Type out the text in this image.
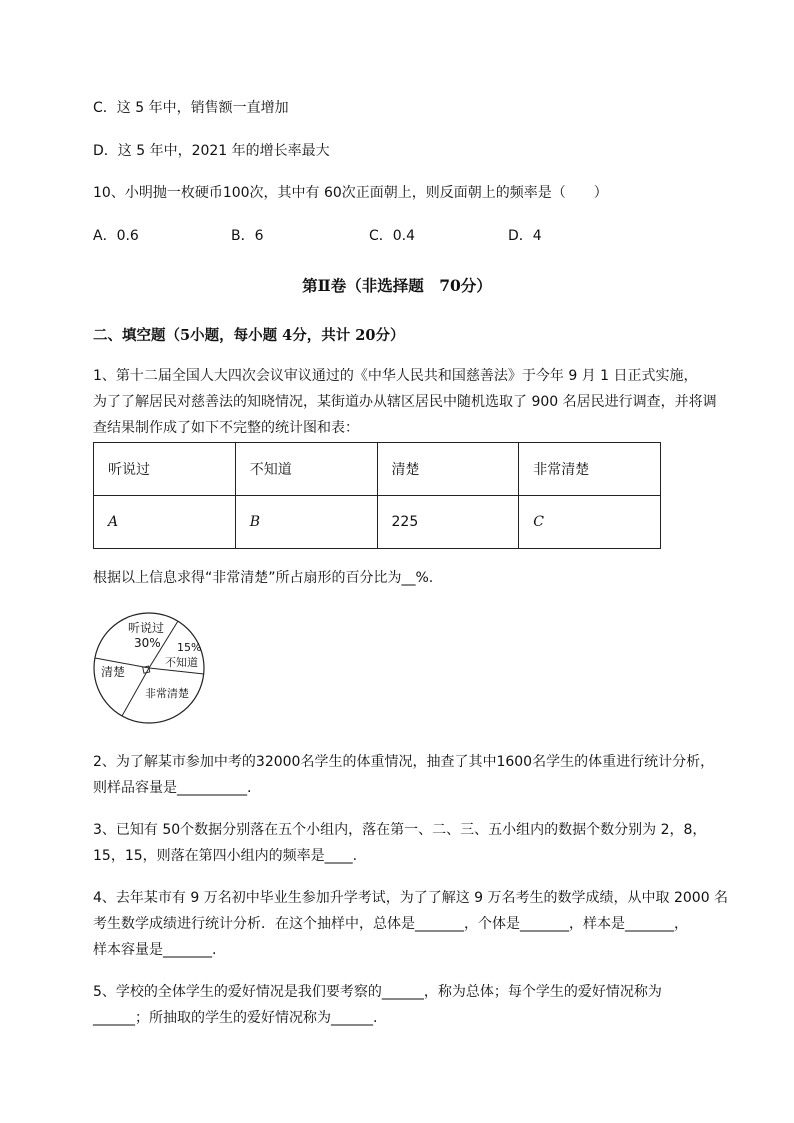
C．这 5 年中，销售额一直增加
D．这 5 年中，2021 年的增长率最大
10、小明抛一枚硬币100次，其中有 60次正面朝上，则反面朝上的频率是（　　）
A．0.6	B．6	C．0.4	D．4
第Ⅱ卷（非选择题　70分）
二、填空题（5小题，每小题 4分，共计 20分）
1、第十二届全国人大四次会议审议通过的《中华人民共和国慈善法》于今年 9 月 1 日正式实施，
为了了解居民对慈善法的知晓情况，某街道办从辖区居民中随机选取了 900 名居民进行调查，并将调
查结果制作成了如下不完整的统计图和表：
听说过	不知道	清楚	非常清楚
A	B	225	C
根据以上信息求得“非常清楚”所占扇形的百分比为__%.
听说过
30% 15%
不知道
清楚
非常清楚
2、为了解某市参加中考的32000名学生的体重情况，抽查了其中1600名学生的体重进行统计分析，
则样品容量是__________.
3、已知有 50个数据分别落在五个小组内，落在第一、二、三、五小组内的数据个数分别为 2，8，
15，15，则落在第四小组内的频率是____.
4、去年某市有 9 万名初中毕业生参加升学考试，为了了解这 9 万名考生的数学成绩，从中取 2000 名
考生数学成绩进行统计分析．在这个抽样中，总体是_______，个体是_______，样本是_______，
样本容量是_______.
5、学校的全体学生的爱好情况是我们要考察的______，称为总体；每个学生的爱好情况称为
______；所抽取的学生的爱好情况称为______.
